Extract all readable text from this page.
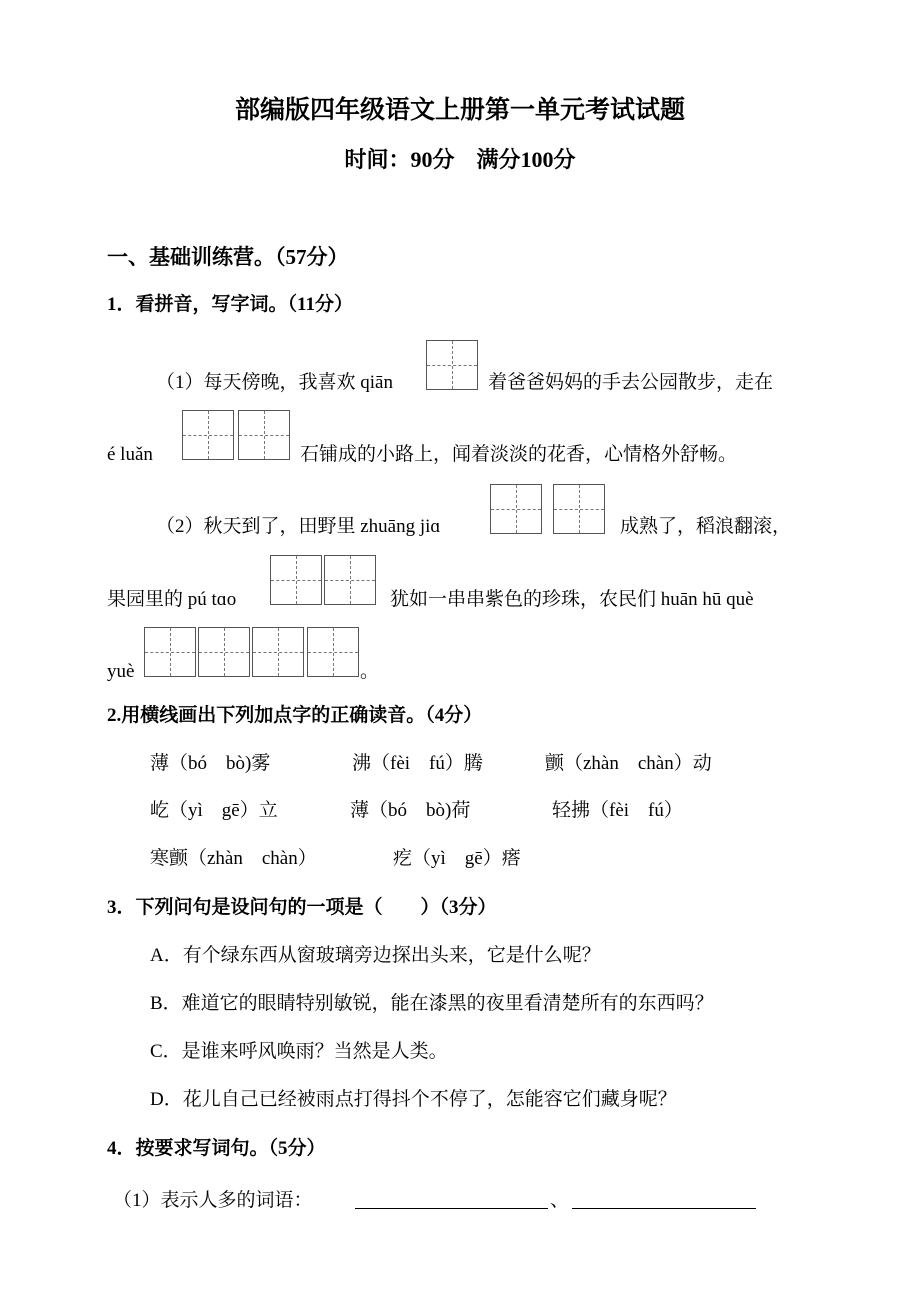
部编版四年级语文上册第一单元考试试题
时间：90分　满分100分
一、基础训练营。（57分）
1．看拼音，写字词。（11分）
（1）每天傍晚，我喜欢 qiān	着爸爸妈妈的手去公园散步，走在
é luǎn	石铺成的小路上，闻着淡淡的花香，心情格外舒畅。
（2）秋天到了，田野里 zhuāng jiɑ	成熟了，稻浪翻滚，
果园里的 pú tɑo	犹如一串串紫色的珍珠，农民们 huān hū què
yuè	。
2.用横线画出下列加点字的正确读音。（4分）
薄（bó　bò)雾	沸（fèi　fú）腾	颤（zhàn　chàn）动
屹（yì　gē）立	薄（bó　bò)荷	轻拂（fèi　fú）
寒颤（zhàn　chàn）	疙（yì　gē）瘩
3．下列问句是设问句的一项是（　　）（3分）
A．有个绿东西从窗玻璃旁边探出头来，它是什么呢？
B．难道它的眼睛特别敏锐，能在漆黑的夜里看清楚所有的东西吗？
C．是谁来呼风唤雨？当然是人类。
D．花儿自己已经被雨点打得抖个不停了，怎能容它们藏身呢？
4．按要求写词句。（5分）
（1）表示人多的词语：	、
